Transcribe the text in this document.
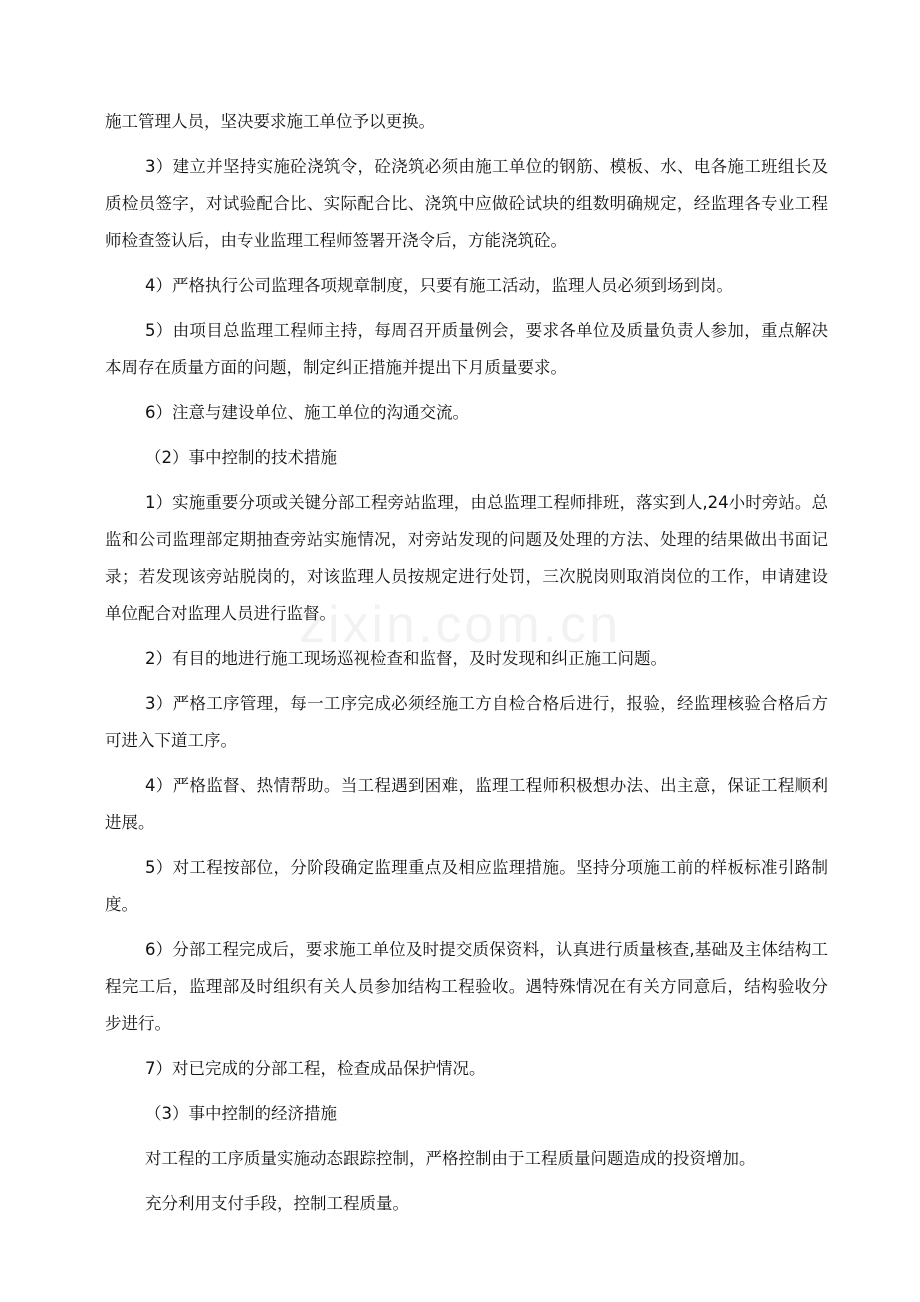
zixin.com.cn

施工管理人员，坚决要求施工单位予以更换。

3）建立并坚持实施砼浇筑令，砼浇筑必须由施工单位的钢筋、模板、水、电各施工班组长及质检员签字，对试验配合比、实际配合比、浇筑中应做砼试块的组数明确规定，经监理各专业工程师检查签认后，由专业监理工程师签署开浇令后，方能浇筑砼。

4）严格执行公司监理各项规章制度，只要有施工活动，监理人员必须到场到岗。

5）由项目总监理工程师主持，每周召开质量例会，要求各单位及质量负责人参加，重点解决本周存在质量方面的问题，制定纠正措施并提出下月质量要求。

6）注意与建设单位、施工单位的沟通交流。

（2）事中控制的技术措施

1）实施重要分项或关键分部工程旁站监理，由总监理工程师排班，落实到人,24小时旁站。总监和公司监理部定期抽查旁站实施情况，对旁站发现的问题及处理的方法、处理的结果做出书面记录；若发现该旁站脱岗的，对该监理人员按规定进行处罚，三次脱岗则取消岗位的工作，申请建设单位配合对监理人员进行监督。

2）有目的地进行施工现场巡视检查和监督，及时发现和纠正施工问题。

3）严格工序管理，每一工序完成必须经施工方自检合格后进行，报验，经监理核验合格后方可进入下道工序。

4）严格监督、热情帮助。当工程遇到困难，监理工程师积极想办法、出主意，保证工程顺利进展。

5）对工程按部位，分阶段确定监理重点及相应监理措施。坚持分项施工前的样板标准引路制度。

6）分部工程完成后，要求施工单位及时提交质保资料，认真进行质量核查,基础及主体结构工程完工后，监理部及时组织有关人员参加结构工程验收。遇特殊情况在有关方同意后，结构验收分步进行。

7）对已完成的分部工程，检查成品保护情况。

（3）事中控制的经济措施

对工程的工序质量实施动态跟踪控制，严格控制由于工程质量问题造成的投资增加。

充分利用支付手段，控制工程质量。
